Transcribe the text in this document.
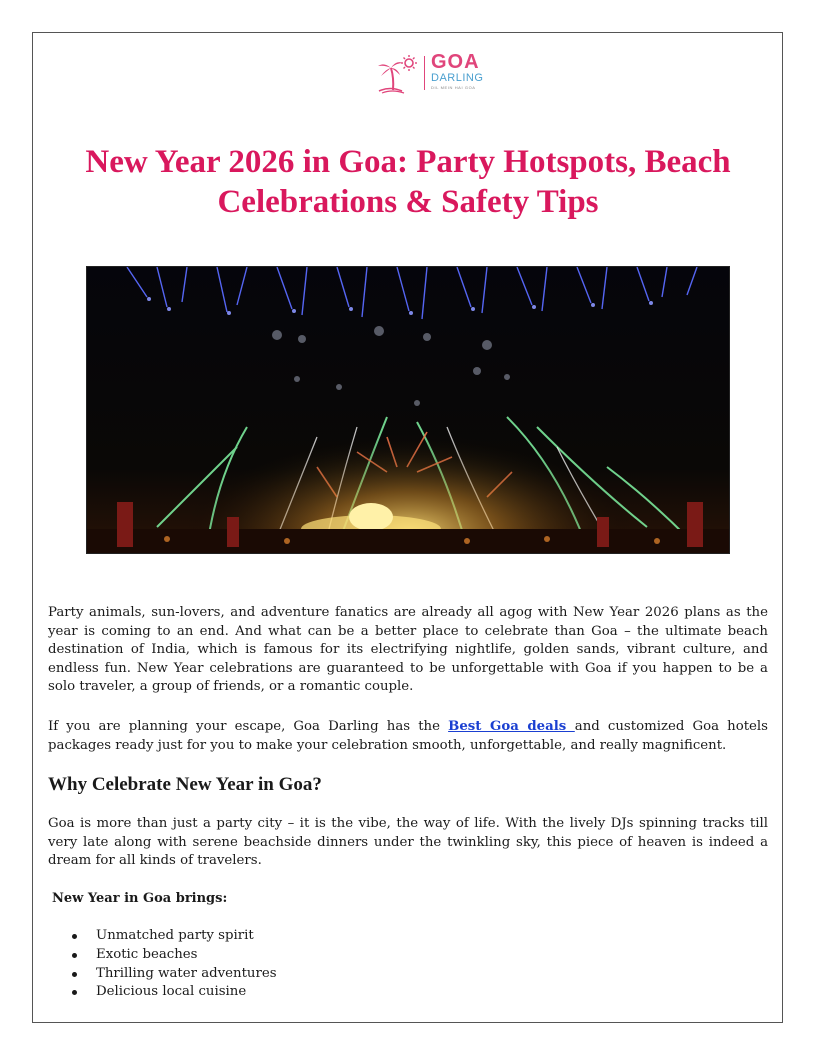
GOA
DARLING
DIL MEIN HAI GOA
New Year 2026 in Goa: Party Hotspots, Beach Celebrations & Safety Tips

Party animals, sun-lovers, and adventure fanatics are already all agog with New Year 2026 plans as the year is coming to an end. And what can be a better place to celebrate than Goa – the ultimate beach destination of India, which is famous for its electrifying nightlife, golden sands, vibrant culture, and endless fun. New Year celebrations are guaranteed to be unforgettable with Goa if you happen to be a solo traveler, a group of friends, or a romantic couple.

If you are planning your escape, Goa Darling has the Best Goa deals and customized Goa hotels packages ready just for you to make your celebration smooth, unforgettable, and really magnificent.

Why Celebrate New Year in Goa?

Goa is more than just a party city – it is the vibe, the way of life. With the lively DJs spinning tracks till very late along with serene beachside dinners under the twinkling sky, this piece of heaven is indeed a dream for all kinds of travelers.

New Year in Goa brings:

Unmatched party spirit
Exotic beaches
Thrilling water adventures
Delicious local cuisine
